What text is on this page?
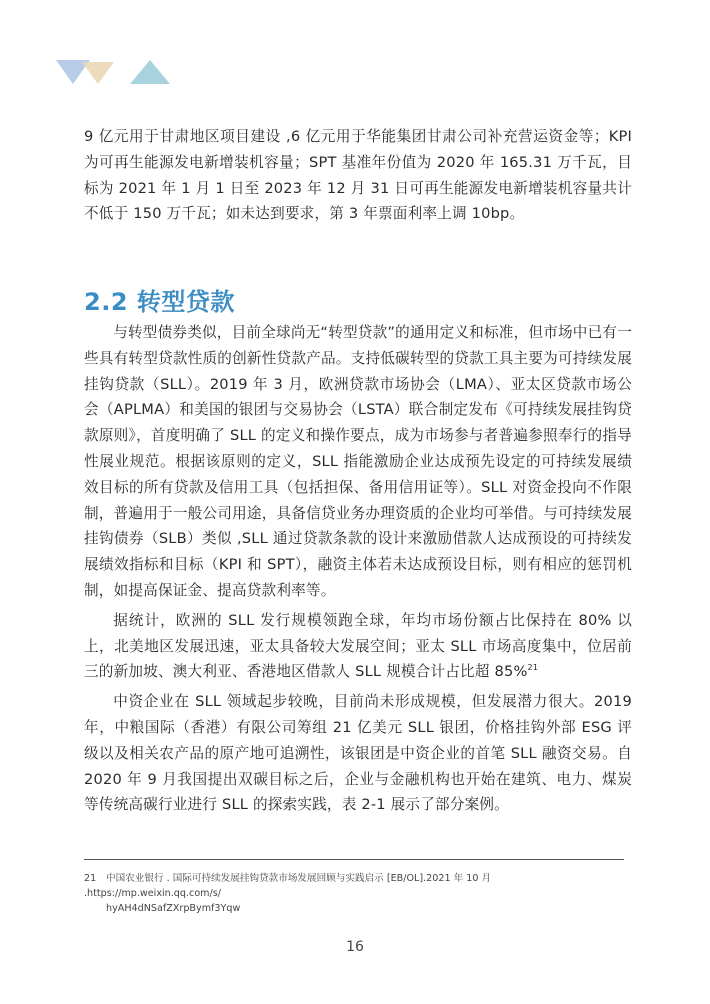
9 亿元用于甘肃地区项目建设 ,6 亿元用于华能集团甘肃公司补充营运资金等；KPI 为可再生能源发电新增装机容量；SPT 基准年份值为 2020 年 165.31 万千瓦，目标为 2021 年 1 月 1 日至 2023 年 12 月 31 日可再生能源发电新增装机容量共计不低于 150 万千瓦；如未达到要求，第 3 年票面利率上调 10bp。

2.2 转型贷款

与转型债券类似，目前全球尚无“转型贷款”的通用定义和标准，但市场中已有一些具有转型贷款性质的创新性贷款产品。支持低碳转型的贷款工具主要为可持续发展挂钩贷款（SLL）。2019 年 3 月，欧洲贷款市场协会（LMA）、亚太区贷款市场公会（APLMA）和美国的银团与交易协会（LSTA）联合制定发布《可持续发展挂钩贷款原则》，首度明确了 SLL 的定义和操作要点，成为市场参与者普遍参照奉行的指导性展业规范。根据该原则的定义，SLL 指能激励企业达成预先设定的可持续发展绩效目标的所有贷款及信用工具（包括担保、备用信用证等）。SLL 对资金投向不作限制，普遍用于一般公司用途，具备信贷业务办理资质的企业均可举借。与可持续发展挂钩债券（SLB）类似 ,SLL 通过贷款条款的设计来激励借款人达成预设的可持续发展绩效指标和目标（KPI 和 SPT），融资主体若未达成预设目标，则有相应的惩罚机制，如提高保证金、提高贷款利率等。

据统计，欧洲的 SLL 发行规模领跑全球，年均市场份额占比保持在 80% 以上，北美地区发展迅速，亚太具备较大发展空间；亚太 SLL 市场高度集中，位居前三的新加坡、澳大利亚、香港地区借款人 SLL 规模合计占比超 85%$^{21}$

中资企业在 SLL 领域起步较晚，目前尚未形成规模，但发展潜力很大。2019 年，中粮国际（香港）有限公司筹组 21 亿美元 SLL 银团，价格挂钩外部 ESG 评级以及相关农产品的原产地可追溯性，该银团是中资企业的首笔 SLL 融资交易。自 2020 年 9 月我国提出双碳目标之后，企业与金融机构也开始在建筑、电力、煤炭等传统高碳行业进行 SLL 的探索实践，表 2-1 展示了部分案例。

21 中国农业银行 . 国际可持续发展挂钩贷款市场发展回顾与实践启示 [EB/OL].2021 年 10 月 .https://mp.weixin.qq.com/s/
hyAH4dNSafZXrpBymf3Yqw
16
